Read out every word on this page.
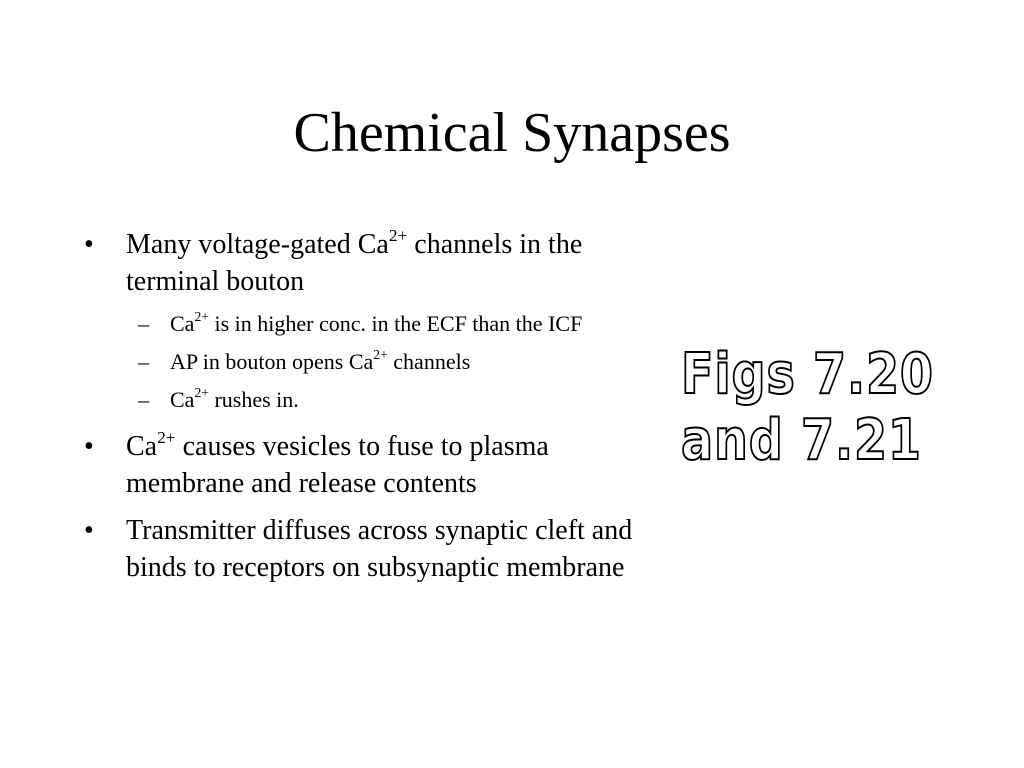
Chemical Synapses
•	Many voltage-gated $Ca^{2+}$ channels in the terminal bouton
– $Ca^{2+}$ is in higher conc. in the ECF than the ICF
– AP in bouton opens $Ca^{2+}$ channels
– $Ca^{2+}$ rushes in.
•	$Ca^{2+}$ causes vesicles to fuse to plasma membrane and release contents
•	Transmitter diffuses across synaptic cleft and binds to receptors on subsynaptic membrane
Figs 7.20
and 7.21
